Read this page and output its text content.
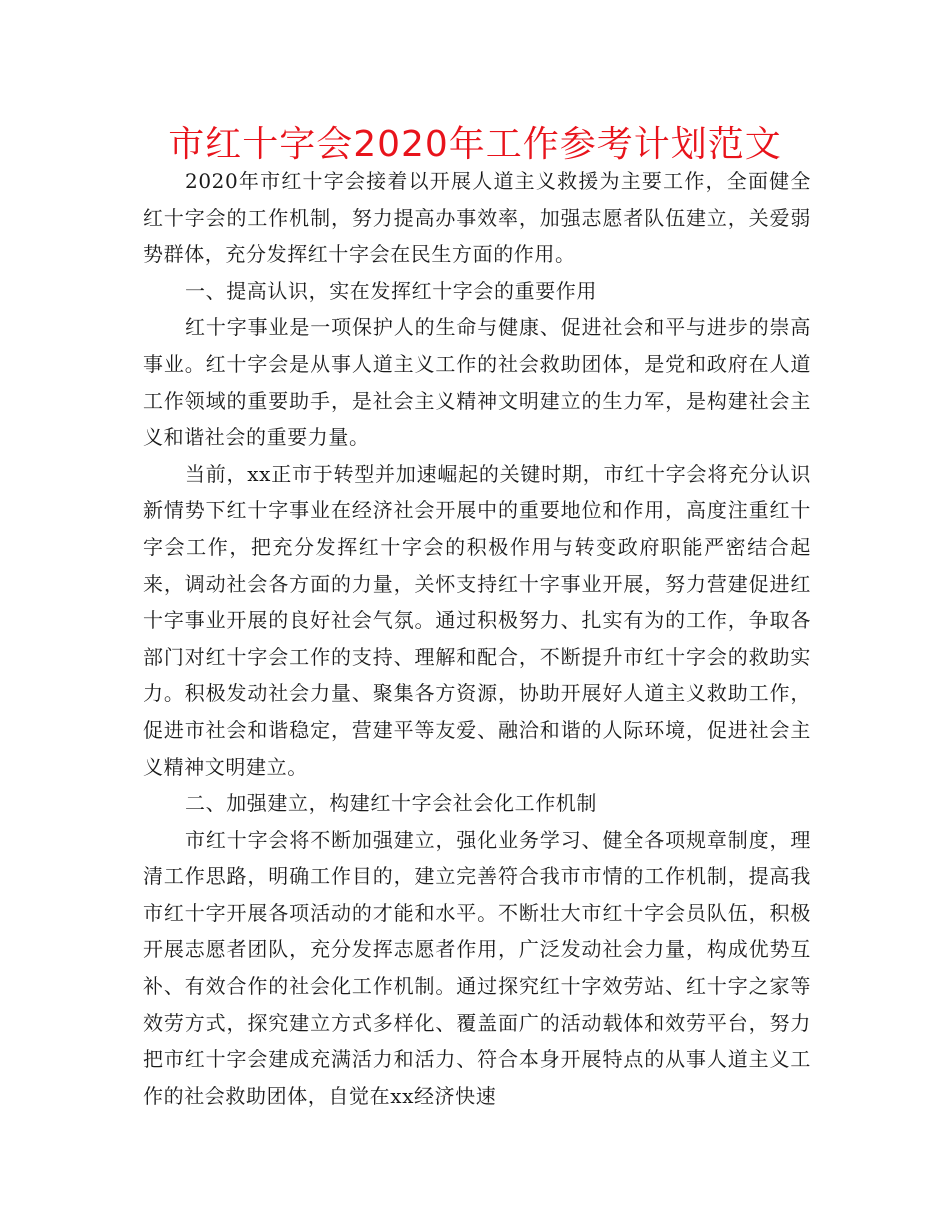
市红十字会2020年工作参考计划范文

2020年市红十字会接着以开展人道主义救援为主要工作，全面健全红十字会的工作机制，努力提高办事效率，加强志愿者队伍建立，关爱弱势群体，充分发挥红十字会在民生方面的作用。

一、提高认识，实在发挥红十字会的重要作用

红十字事业是一项保护人的生命与健康、促进社会和平与进步的崇高事业。红十字会是从事人道主义工作的社会救助团体，是党和政府在人道工作领域的重要助手，是社会主义精神文明建立的生力军，是构建社会主义和谐社会的重要力量。

当前，xx正市于转型并加速崛起的关键时期，市红十字会将充分认识新情势下红十字事业在经济社会开展中的重要地位和作用，高度注重红十字会工作，把充分发挥红十字会的积极作用与转变政府职能严密结合起来，调动社会各方面的力量，关怀支持红十字事业开展，努力营建促进红十字事业开展的良好社会气氛。通过积极努力、扎实有为的工作，争取各部门对红十字会工作的支持、理解和配合，不断提升市红十字会的救助实力。积极发动社会力量、聚集各方资源，协助开展好人道主义救助工作，促进市社会和谐稳定，营建平等友爱、融洽和谐的人际环境，促进社会主义精神文明建立。

二、加强建立，构建红十字会社会化工作机制

市红十字会将不断加强建立，强化业务学习、健全各项规章制度，理清工作思路，明确工作目的，建立完善符合我市市情的工作机制，提高我市红十字开展各项活动的才能和水平。不断壮大市红十字会员队伍，积极开展志愿者团队，充分发挥志愿者作用，广泛发动社会力量，构成优势互补、有效合作的社会化工作机制。通过探究红十字效劳站、红十字之家等效劳方式，探究建立方式多样化、覆盖面广的活动载体和效劳平台，努力把市红十字会建成充满活力和活力、符合本身开展特点的从事人道主义工作的社会救助团体，自觉在xx经济快速
